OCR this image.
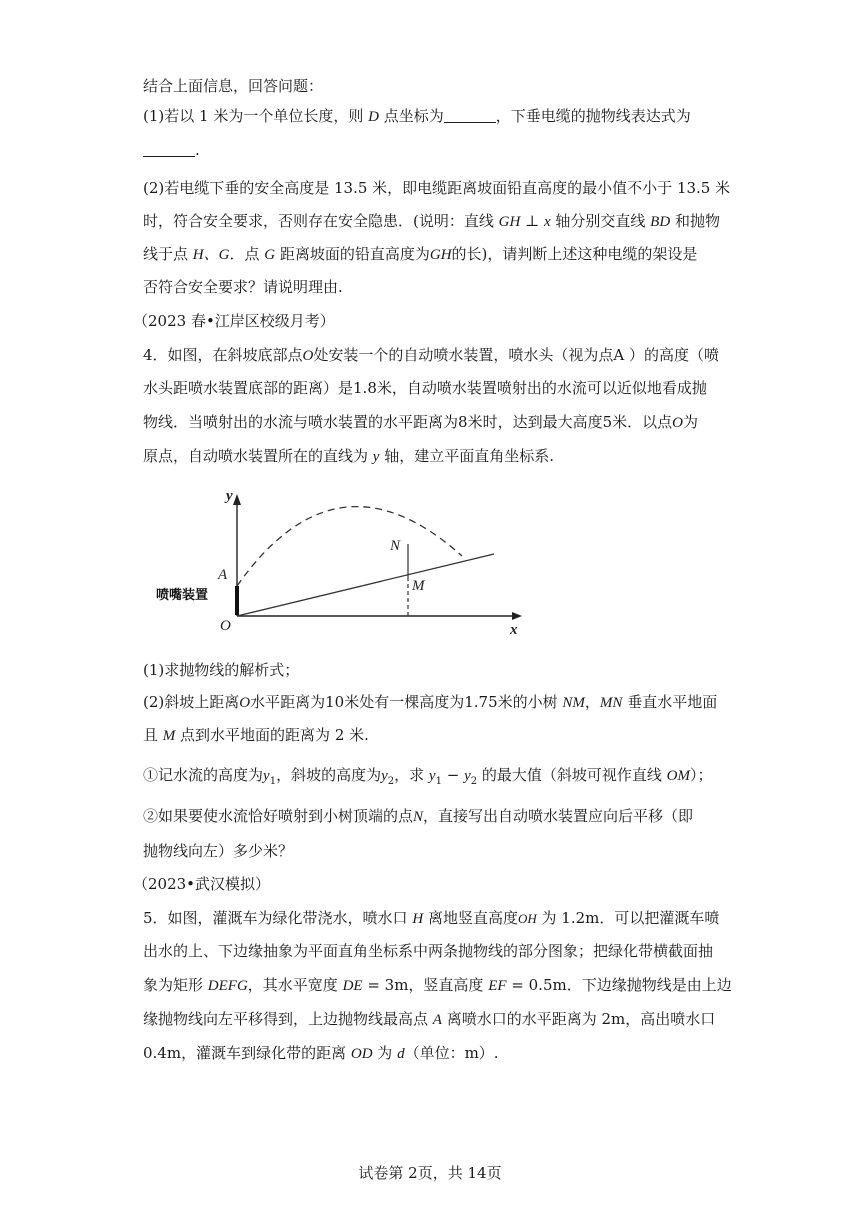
结合上面信息，回答问题：
(1)若以 1 米为一个单位长度，则 D 点坐标为	，下垂电缆的抛物线表达式为
.
(2)若电缆下垂的安全高度是 13.5 米，即电缆距离坡面铅直高度的最小值不小于 13.5 米
时，符合安全要求，否则存在安全隐患．(说明：直线 GH ⊥ x 轴分别交直线 BD 和抛物
线于点 H、G．点 G 距离坡面的铅直高度为GH的长)，请判断上述这种电缆的架设是
否符合安全要求？请说明理由.
（2023 春•江岸区校级月考）
4．如图，在斜坡底部点O处安装一个的自动喷水装置，喷水头（视为点A ）的高度（喷
水头距喷水装置底部的距离）是1.8米，自动喷水装置喷射出的水流可以近似地看成抛
物线．当喷射出的水流与喷水装置的水平距离为8米时，达到最大高度5米．以点O为
原点，自动喷水装置所在的直线为 y 轴，建立平面直角坐标系.
y
x
O
A
N
M
喷嘴装置
(1)求抛物线的解析式；
(2)斜坡上距离O水平距离为10米处有一棵高度为1.75米的小树 NM，MN 垂直水平地面
且 M 点到水平地面的距离为 2 米.
①记水流的高度为$y_1$，斜坡的高度为$y_2$，求 $y_1 - y_2$ 的最大值（斜坡可视作直线 OM）；
②如果要使水流恰好喷射到小树顶端的点N，直接写出自动喷水装置应向后平移（即
抛物线向左）多少米？
（2023•武汉模拟）
5．如图，灌溉车为绿化带浇水，喷水口 H 离地竖直高度OH 为 1.2m．可以把灌溉车喷
出水的上、下边缘抽象为平面直角坐标系中两条抛物线的部分图象；把绿化带横截面抽
象为矩形 DEFG，其水平宽度 DE = 3m，竖直高度 EF = 0.5m．下边缘抛物线是由上边
缘抛物线向左平移得到，上边抛物线最高点 A 离喷水口的水平距离为 2m，高出喷水口
0.4m，灌溉车到绿化带的距离 OD 为 d（单位：m）.
试卷第 2页，共 14页
